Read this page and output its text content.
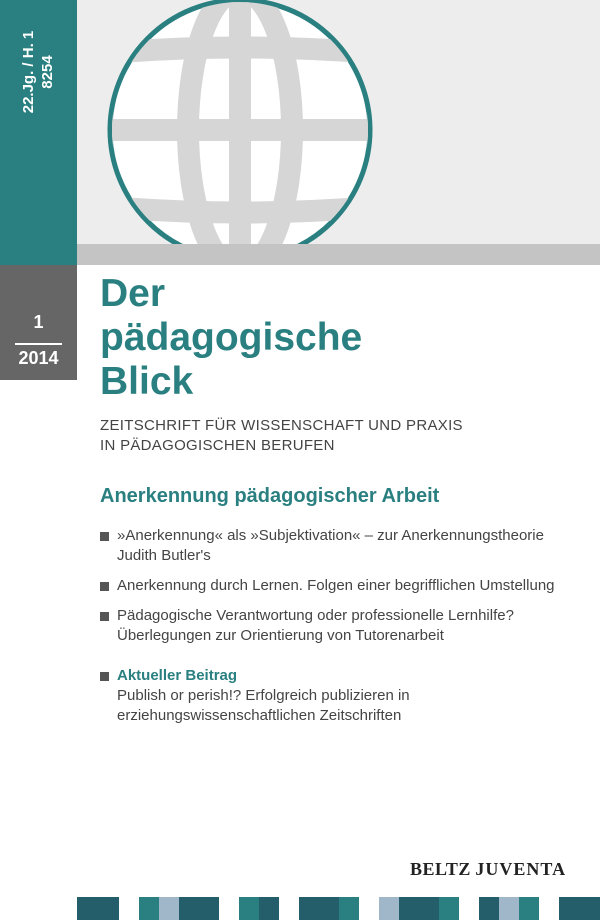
22.Jg. / H. 1 8254
1
2014
Der
pädagogische
Blick
ZEITSCHRIFT FÜR WISSENSCHAFT UND PRAXIS
IN PÄDAGOGISCHEN BERUFEN
Anerkennung pädagogischer Arbeit
»Anerkennung« als »Subjektivation« – zur Anerkennungstheorie
Judith Butler's
Anerkennung durch Lernen. Folgen einer begrifflichen Umstellung
Pädagogische Verantwortung oder professionelle Lernhilfe?
Überlegungen zur Orientierung von Tutorenarbeit
Aktueller Beitrag
Publish or perish!? Erfolgreich publizieren in
erziehungswissenschaftlichen Zeitschriften
BELTZ JUVENTA
